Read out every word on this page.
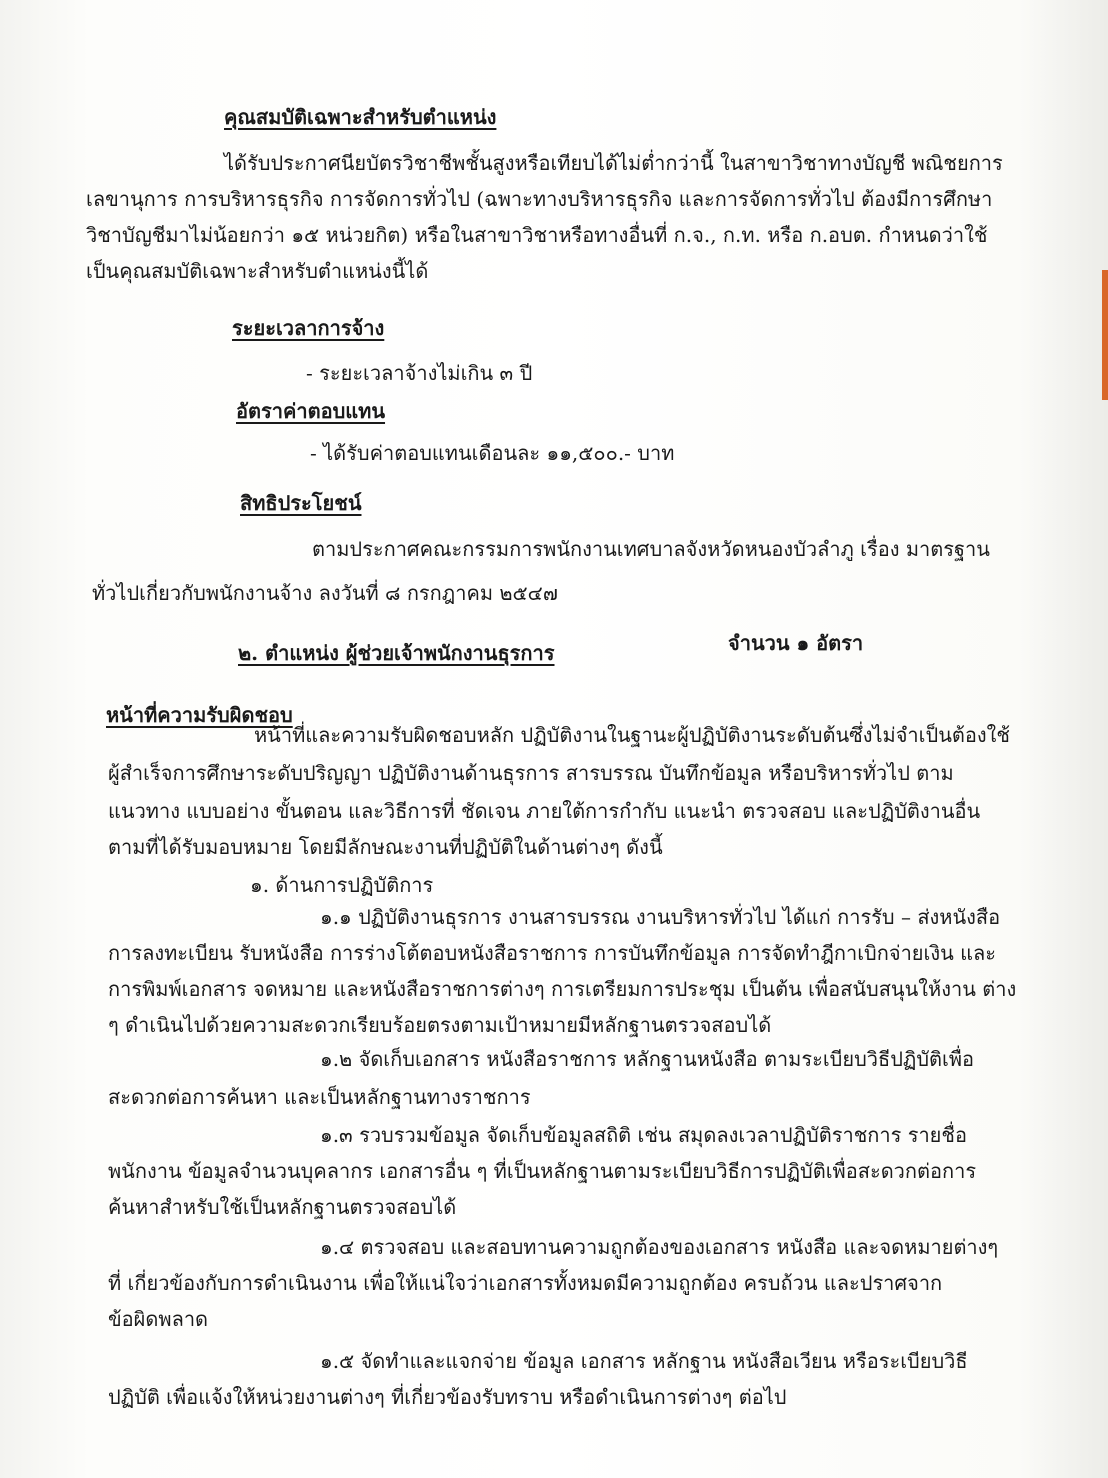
คุณสมบัติเฉพาะสำหรับตำแหน่ง
ได้รับประกาศนียบัตรวิชาชีพชั้นสูงหรือเทียบได้ไม่ต่ำกว่านี้ ในสาขาวิชาทางบัญชี พณิชยการ
เลขานุการ การบริหารธุรกิจ การจัดการทั่วไป (ฉพาะทางบริหารธุรกิจ และการจัดการทั่วไป ต้องมีการศึกษา
วิชาบัญชีมาไม่น้อยกว่า ๑๕ หน่วยกิต) หรือในสาขาวิชาหรือทางอื่นที่ ก.จ., ก.ท. หรือ ก.อบต. กำหนดว่าใช้
เป็นคุณสมบัติเฉพาะสำหรับตำแหน่งนี้ได้
ระยะเวลาการจ้าง
- ระยะเวลาจ้างไม่เกิน ๓ ปี
อัตราค่าตอบแทน
- ได้รับค่าตอบแทนเดือนละ ๑๑,๕๐๐.- บาท
สิทธิประโยชน์
ตามประกาศคณะกรรมการพนักงานเทศบาลจังหวัดหนองบัวลำภู เรื่อง มาตรฐาน
ทั่วไปเกี่ยวกับพนักงานจ้าง ลงวันที่ ๘ กรกฎาคม ๒๕๔๗
๒. ตำแหน่ง ผู้ช่วยเจ้าพนักงานธุรการ	จำนวน ๑ อัตรา
หน้าที่ความรับผิดชอบ
หน้าที่และความรับผิดชอบหลัก ปฏิบัติงานในฐานะผู้ปฏิบัติงานระดับต้นซึ่งไม่จำเป็นต้องใช้
ผู้สำเร็จการศึกษาระดับปริญญา ปฏิบัติงานด้านธุรการ สารบรรณ บันทึกข้อมูล หรือบริหารทั่วไป ตาม
แนวทาง แบบอย่าง ขั้นตอน และวิธีการที่ ชัดเจน ภายใต้การกำกับ แนะนำ ตรวจสอบ และปฏิบัติงานอื่น
ตามที่ได้รับมอบหมาย โดยมีลักษณะงานที่ปฏิบัติในด้านต่างๆ ดังนี้
๑. ด้านการปฏิบัติการ
๑.๑ ปฏิบัติงานธุรการ งานสารบรรณ งานบริหารทั่วไป ได้แก่ การรับ – ส่งหนังสือ
การลงทะเบียน รับหนังสือ การร่างโต้ตอบหนังสือราชการ การบันทึกข้อมูล การจัดทำฎีกาเบิกจ่ายเงิน และ
การพิมพ์เอกสาร จดหมาย และหนังสือราชการต่างๆ การเตรียมการประชุม เป็นต้น เพื่อสนับสนุนให้งาน ต่าง
ๆ ดำเนินไปด้วยความสะดวกเรียบร้อยตรงตามเป้าหมายมีหลักฐานตรวจสอบได้
๑.๒ จัดเก็บเอกสาร หนังสือราชการ หลักฐานหนังสือ ตามระเบียบวิธีปฏิบัติเพื่อ
สะดวกต่อการค้นหา และเป็นหลักฐานทางราชการ
๑.๓ รวบรวมข้อมูล จัดเก็บข้อมูลสถิติ เช่น สมุดลงเวลาปฏิบัติราชการ รายชื่อ
พนักงาน ข้อมูลจำนวนบุคลากร เอกสารอื่น ๆ ที่เป็นหลักฐานตามระเบียบวิธีการปฏิบัติเพื่อสะดวกต่อการ
ค้นหาสำหรับใช้เป็นหลักฐานตรวจสอบได้
๑.๔ ตรวจสอบ และสอบทานความถูกต้องของเอกสาร หนังสือ และจดหมายต่างๆ
ที่ เกี่ยวข้องกับการดำเนินงาน เพื่อให้แน่ใจว่าเอกสารทั้งหมดมีความถูกต้อง ครบถ้วน และปราศจาก
ข้อผิดพลาด
๑.๕ จัดทำและแจกจ่าย ข้อมูล เอกสาร หลักฐาน หนังสือเวียน หรือระเบียบวิธี
ปฏิบัติ เพื่อแจ้งให้หน่วยงานต่างๆ ที่เกี่ยวข้องรับทราบ หรือดำเนินการต่างๆ ต่อไป
